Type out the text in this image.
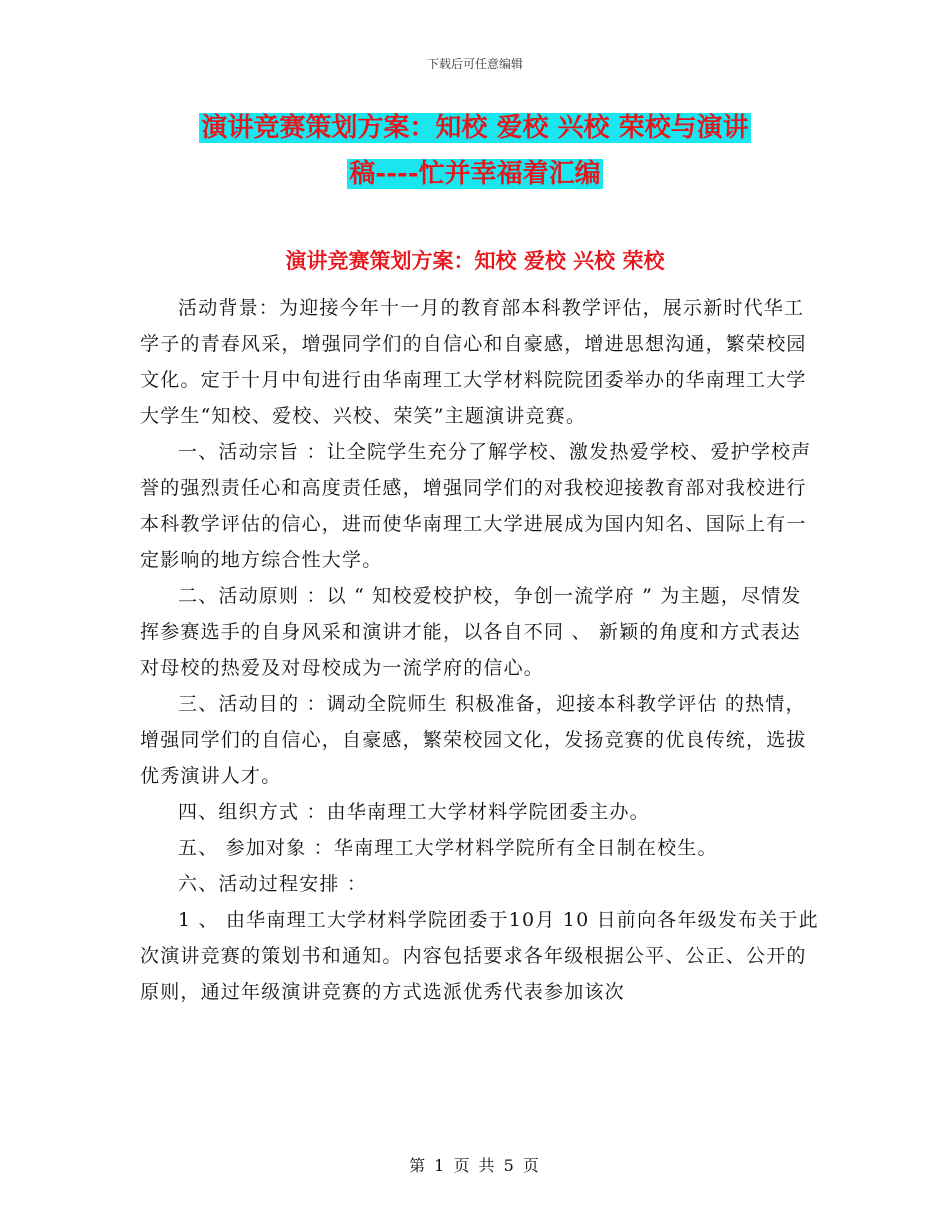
下载后可任意编辑
演讲竞赛策划方案：知校 爱校 兴校 荣校与演讲
稿----忙并幸福着汇编
演讲竞赛策划方案：知校 爱校 兴校 荣校

活动背景：为迎接今年十一月的教育部本科教学评估，展示新时代华工学子的青春风采，增强同学们的自信心和自豪感，增进思想沟通，繁荣校园文化。定于十月中旬进行由华南理工大学材料院院团委举办的华南理工大学大学生“知校、爱校、兴校、荣笑”主题演讲竞赛。

一、活动宗旨 ：让全院学生充分了解学校、激发热爱学校、爱护学校声誉的强烈责任心和高度责任感，增强同学们的对我校迎接教育部对我校进行本科教学评估的信心，进而使华南理工大学进展成为国内知名、国际上有一定影响的地方综合性大学。

二、活动原则 ：以 “ 知校爱校护校，争创一流学府 ” 为主题，尽情发挥参赛选手的自身风采和演讲才能，以各自不同 、 新颖的角度和方式表达对母校的热爱及对母校成为一流学府的信心。

三、活动目的 ：调动全院师生 积极准备，迎接本科教学评估 的热情，增强同学们的自信心，自豪感，繁荣校园文化，发扬竞赛的优良传统，选拔优秀演讲人才。

四、组织方式 ：由华南理工大学材料学院团委主办。

五、 参加对象 ：华南理工大学材料学院所有全日制在校生。

六、活动过程安排 ：

1 、 由华南理工大学材料学院团委于10月 10 日前向各年级发布关于此次演讲竞赛的策划书和通知。内容包括要求各年级根据公平、公正、公开的原则，通过年级演讲竞赛的方式选派优秀代表参加该次

第 1 页 共 5 页
